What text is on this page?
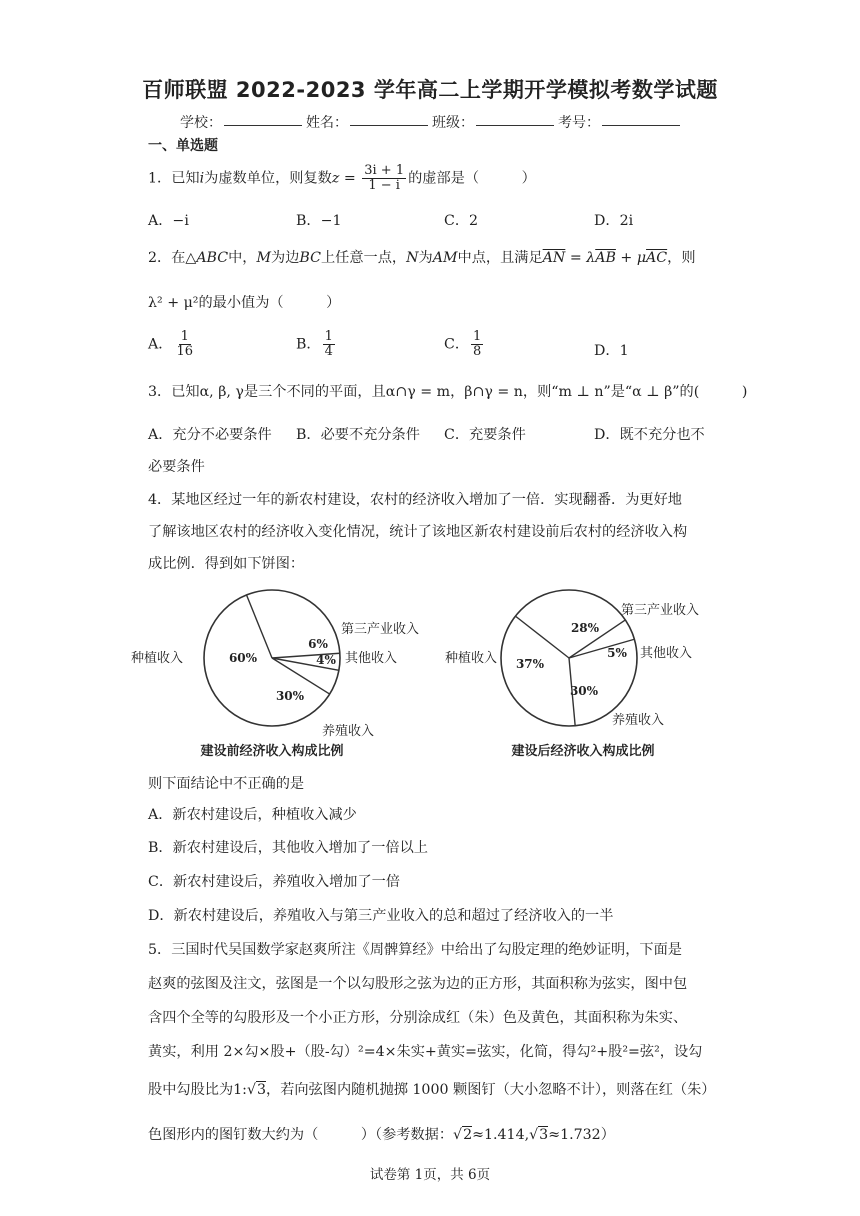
百师联盟 2022-2023 学年高二上学期开学模拟考数学试题
学校：	姓名：	班级：	考号：
一、单选题
1．已知i为虚数单位，则复数$z = \frac{3i + 1}{1 - i}$ 的虚部是（　　　）
A．−i	B．−1	C．2	D．2i
2．在△ABC中，M为边BC上任意一点，N为AM中点，且满足$\overline{AN} = \lambda\overline{AB} + \mu\overline{AC}$，则
λ² + μ²的最小值为（　　　）
A． $\frac{1}{16}$	B． $\frac{1}{4}$	C． $\frac{1}{8}$	D．1
3．已知α, β, γ是三个不同的平面，且α∩γ = m，β∩γ = n，则“m ⊥ n”是“α ⊥ β”的(　　　)
A．充分不必要条件 B．必要不充分条件 C．充要条件	D．既不充分也不
必要条件
4．某地区经过一年的新农村建设，农村的经济收入增加了一倍．实现翻番．为更好地
了解该地区农村的经济收入变化情况，统计了该地区新农村建设前后农村的经济收入构
成比例．得到如下饼图：
60%
30%
6%
4%
种植收入
养殖收入
第三产业收入
其他收入
建设前经济收入构成比例
37%
30%
28%
5%
种植收入
养殖收入
第三产业收入
其他收入
建设后经济收入构成比例
则下面结论中不正确的是
A．新农村建设后，种植收入减少
B．新农村建设后，其他收入增加了一倍以上
C．新农村建设后，养殖收入增加了一倍
D．新农村建设后，养殖收入与第三产业收入的总和超过了经济收入的一半
5．三国时代吴国数学家赵爽所注《周髀算经》中给出了勾股定理的绝妙证明，下面是
赵爽的弦图及注文，弦图是一个以勾股形之弦为边的正方形，其面积称为弦实，图中包
含四个全等的勾股形及一个小正方形，分别涂成红（朱）色及黄色，其面积称为朱实、
黄实，利用 2×勾×股+（股-勾）²=4×朱实+黄实=弦实，化简，得勾²+股²=弦²，设勾
股中勾股比为1:√3，若向弦图内随机抛掷 1000 颗图钉（大小忽略不计），则落在红（朱）
色图形内的图钉数大约为（　　　）（参考数据：√2≈1.414,√3≈1.732）
试卷第 1页，共 6页
